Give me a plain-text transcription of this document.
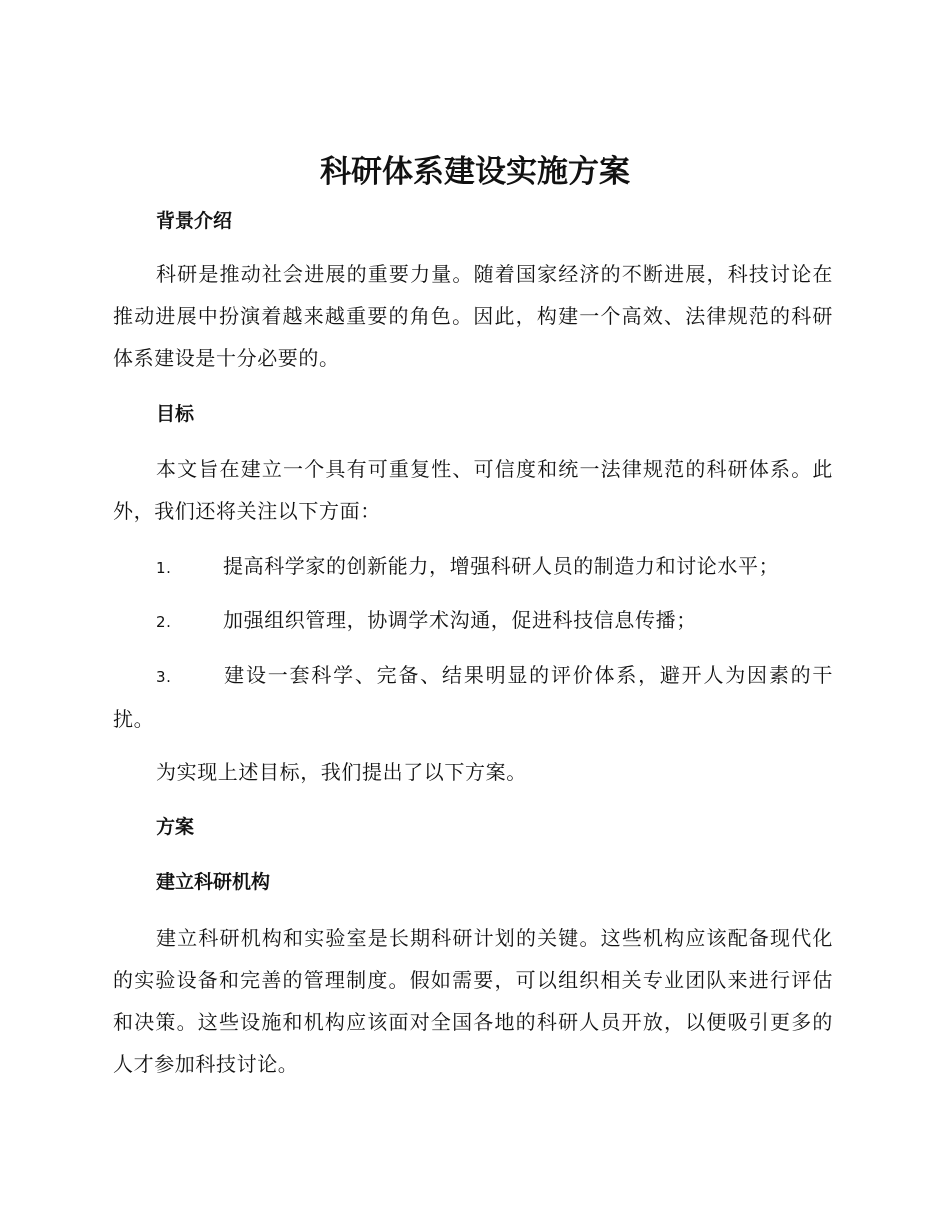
科研体系建设实施方案
背景介绍

科研是推动社会进展的重要力量。随着国家经济的不断进展，科技讨论在推动进展中扮演着越来越重要的角色。因此，构建一个高效、法律规范的科研体系建设是十分必要的。

目标

本文旨在建立一个具有可重复性、可信度和统一法律规范的科研体系。此外，我们还将关注以下方面：

1.	提高科学家的创新能力，增强科研人员的制造力和讨论水平；

2.	加强组织管理，协调学术沟通，促进科技信息传播；

3.	建设一套科学、完备、结果明显的评价体系，避开人为因素的干扰。

为实现上述目标，我们提出了以下方案。

方案
建立科研机构

建立科研机构和实验室是长期科研计划的关键。这些机构应该配备现代化的实验设备和完善的管理制度。假如需要，可以组织相关专业团队来进行评估和决策。这些设施和机构应该面对全国各地的科研人员开放，以便吸引更多的人才参加科技讨论。
